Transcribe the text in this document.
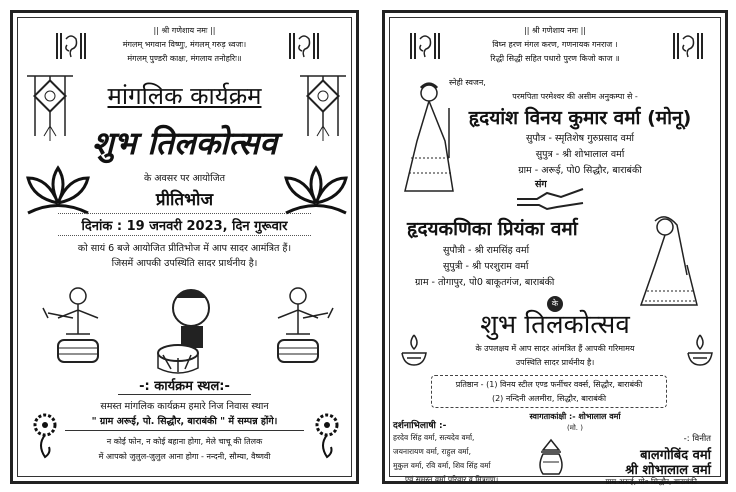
|| श्री गणेशाय नमः ||
मंगलम् भगवान विष्णुः, मंगलम् गरुड़ ध्वजः।
मंगलम् पुण्डरी काक्षः, मंगलाय तनोहरिः॥
मांगलिक कार्यक्रम
शुभ तिलकोत्सव
के अवसर पर आयोजित
प्रीतिभोज
दिनांक : 19 जनवरी 2023, दिन गुरूवार
को सायं 6 बजे आयोजित प्रीतिभोज में आप सादर आमंत्रित हैं।
जिसमें आपकी उपस्थिति सादर प्रार्थनीय है।
-: कार्यक्रम स्थल:-
समस्त मांगलिक कार्यक्रम हमारे निज निवास स्थान
" ग्राम अरूई, पो. सिद्धौर, बाराबंकी " में सम्पन्न होंगे।
न कोई फोन, न कोई बहाना होगा, मेले चाचू की तिलक
में आपको जुलुल-जुलुल आना होगा - नन्दनी, सौम्या, वैष्णवी
|| श्री गणेशाय नमः ||
विघ्न हरण मंगल करण, गणनायक गनराज ।
रिद्धी सिद्धी सहित पधारो पुरण किजो काज ॥
स्नेही स्वजन,
परमपिता परमेश्वर की असीम अनुकम्पा से -
हृदयांश विनय कुमार वर्मा (मोनू)
सुपौत्र - स्मृतिशेष गुरुप्रसाद वर्मा
सुपुत्र - श्री शोभालाल वर्मा
ग्राम - अरूई, पो0 सिद्धौर, बाराबंकी
संग
हृदयकणिका प्रियंका वर्मा
सुपौत्री - श्री रामसिंह वर्मा
सुपुत्री - श्री परशुराम वर्मा
ग्राम - तोगापुर, पो0 बाकूतगंज, बाराबंकी
के
शुभ तिलकोत्सव
के उपलक्षय में आप सादर आंमत्रित हैं आपकी गरिमामय
उपस्थिति सादर प्रार्थनीय है।
प्रतिष्ठान - (1) विनय स्टील एण्ड फर्नीचर वर्क्स, सिद्धौर, बाराबंकी
(2) नन्दिनी अलमीरा, सिद्धौर, बाराबंकी
स्वागताकांक्षी :- शोभालाल वर्मा
(मो. )
दर्शनाभिलाषी :-
हरदेव सिंह वर्मा, सत्यदेव वर्मा,
जयनारायण वर्मा, राहुल वर्मा,
मुकुल वर्मा, रवि वर्मा, शिव सिंह वर्मा
एवं समस्त वर्मा परिवार व मित्रगण।
-: विनीत
बालगोबिंद वर्मा
श्री शोभालाल वर्मा
ग्राम अरूई, पो० सिद्धौर, बाराबंकी
